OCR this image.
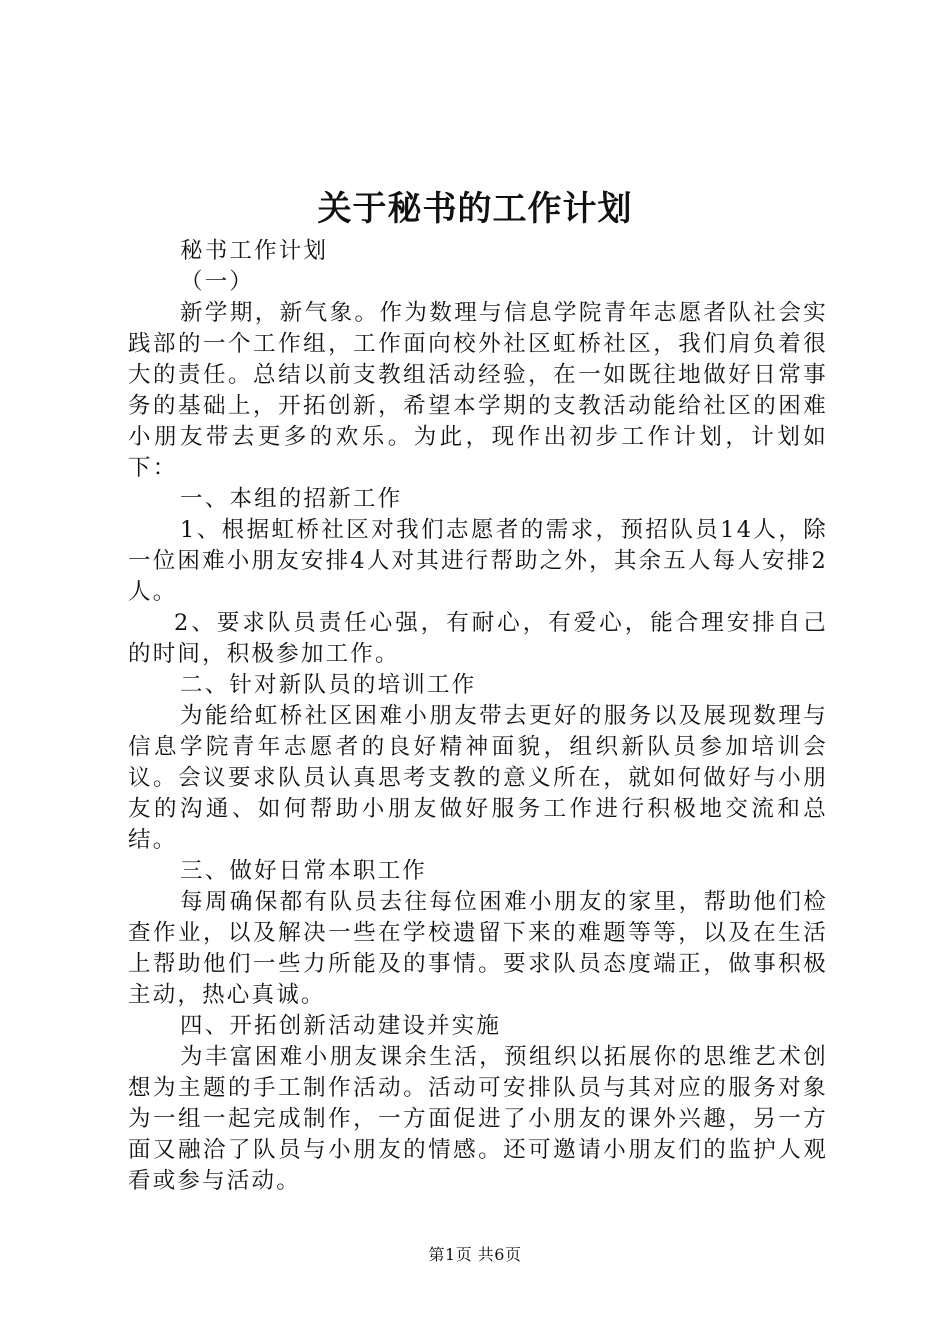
关于秘书的工作计划

秘书工作计划

（一）

新学期，新气象。作为数理与信息学院青年志愿者队社会实践部的一个工作组，工作面向校外社区虹桥社区，我们肩负着很大的责任。总结以前支教组活动经验，在一如既往地做好日常事务的基础上，开拓创新，希望本学期的支教活动能给社区的困难小朋友带去更多的欢乐。为此，现作出初步工作计划，计划如下：

一、本组的招新工作

1、根据虹桥社区对我们志愿者的需求，预招队员14人，除一位困难小朋友安排4人对其进行帮助之外，其余五人每人安排2人。

2、要求队员责任心强，有耐心，有爱心，能合理安排自己的时间，积极参加工作。

二、针对新队员的培训工作

为能给虹桥社区困难小朋友带去更好的服务以及展现数理与信息学院青年志愿者的良好精神面貌，组织新队员参加培训会议。会议要求队员认真思考支教的意义所在，就如何做好与小朋友的沟通、如何帮助小朋友做好服务工作进行积极地交流和总结。

三、做好日常本职工作

每周确保都有队员去往每位困难小朋友的家里，帮助他们检查作业，以及解决一些在学校遗留下来的难题等等，以及在生活上帮助他们一些力所能及的事情。要求队员态度端正，做事积极主动，热心真诚。

四、开拓创新活动建设并实施

为丰富困难小朋友课余生活，预组织以拓展你的思维艺术创想为主题的手工制作活动。活动可安排队员与其对应的服务对象为一组一起完成制作，一方面促进了小朋友的课外兴趣，另一方面又融洽了队员与小朋友的情感。还可邀请小朋友们的监护人观看或参与活动。

第1页 共6页
